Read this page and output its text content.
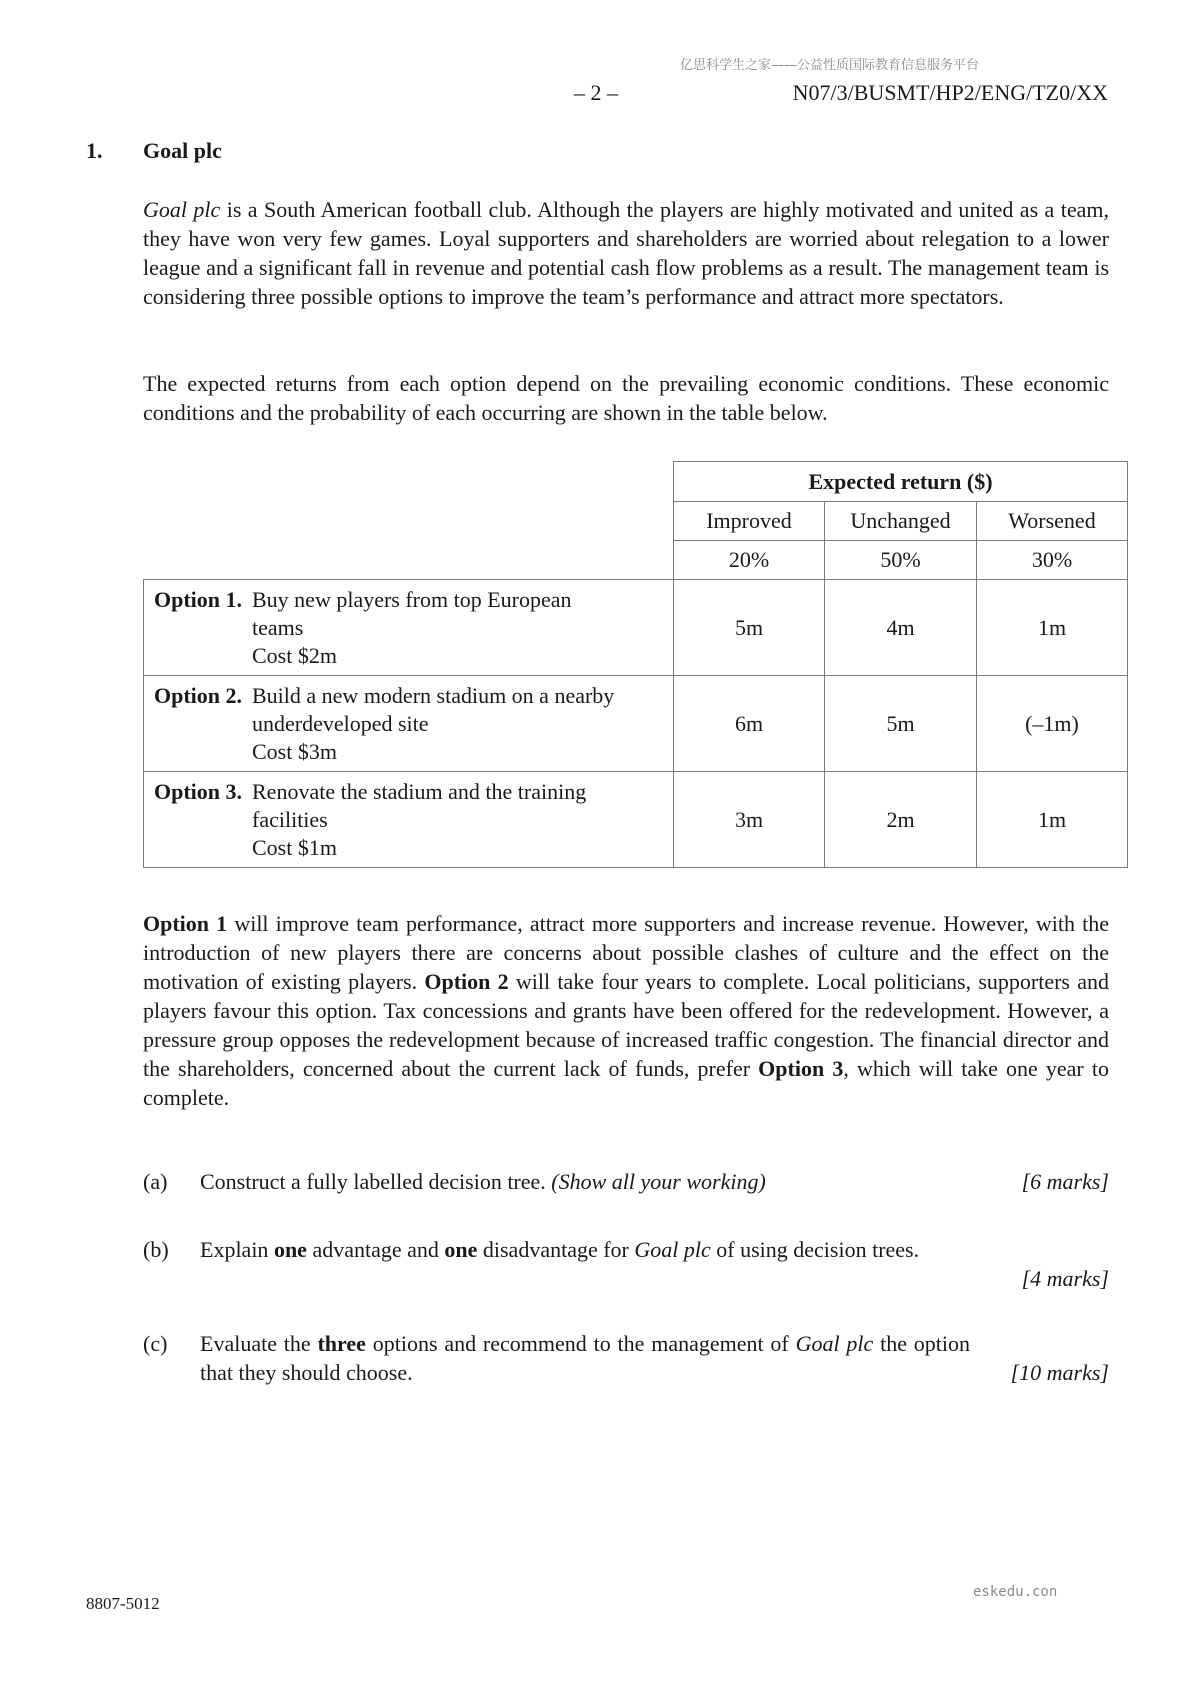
亿思科学生之家——公益性质国际教育信息服务平台
– 2 –	N07/3/BUSMT/HP2/ENG/TZ0/XX
1. Goal plc

Goal plc is a South American football club. Although the players are highly motivated and united as a team, they have won very few games. Loyal supporters and shareholders are worried about relegation to a lower league and a significant fall in revenue and potential cash flow problems as a result. The management team is considering three possible options to improve the team’s performance and attract more spectators.

The expected returns from each option depend on the prevailing economic conditions. These economic conditions and the probability of each occurring are shown in the table below.

	Expected return ($)		
	Improved	Unchanged	Worsened
	20%	50%	30%

Option 1. Buy new players from top European
teams
Cost $2m	5m	4m	1m

Option 2. Build a new modern stadium on a nearby
underdeveloped site
Cost $3m	6m	5m	(–1m)

Option 3. Renovate the stadium and the training
facilities
Cost $1m	3m	2m	1m

Option 1 will improve team performance, attract more supporters and increase revenue. However, with the introduction of new players there are concerns about possible clashes of culture and the effect on the motivation of existing players. Option 2 will take four years to complete. Local politicians, supporters and players favour this option. Tax concessions and grants have been offered for the redevelopment. However, a pressure group opposes the redevelopment because of increased traffic congestion. The financial director and the shareholders, concerned about the current lack of funds, prefer Option 3, which will take one year to complete.

(a) Construct a fully labelled decision tree. (Show all your working)	[6 marks]
(b) Explain one advantage and one disadvantage for Goal plc of using decision trees.
[4 marks]
(c) Evaluate the three options and recommend to the management of Goal plc the option that they should choose.	[10 marks]
8807-5012
eskedu.con
